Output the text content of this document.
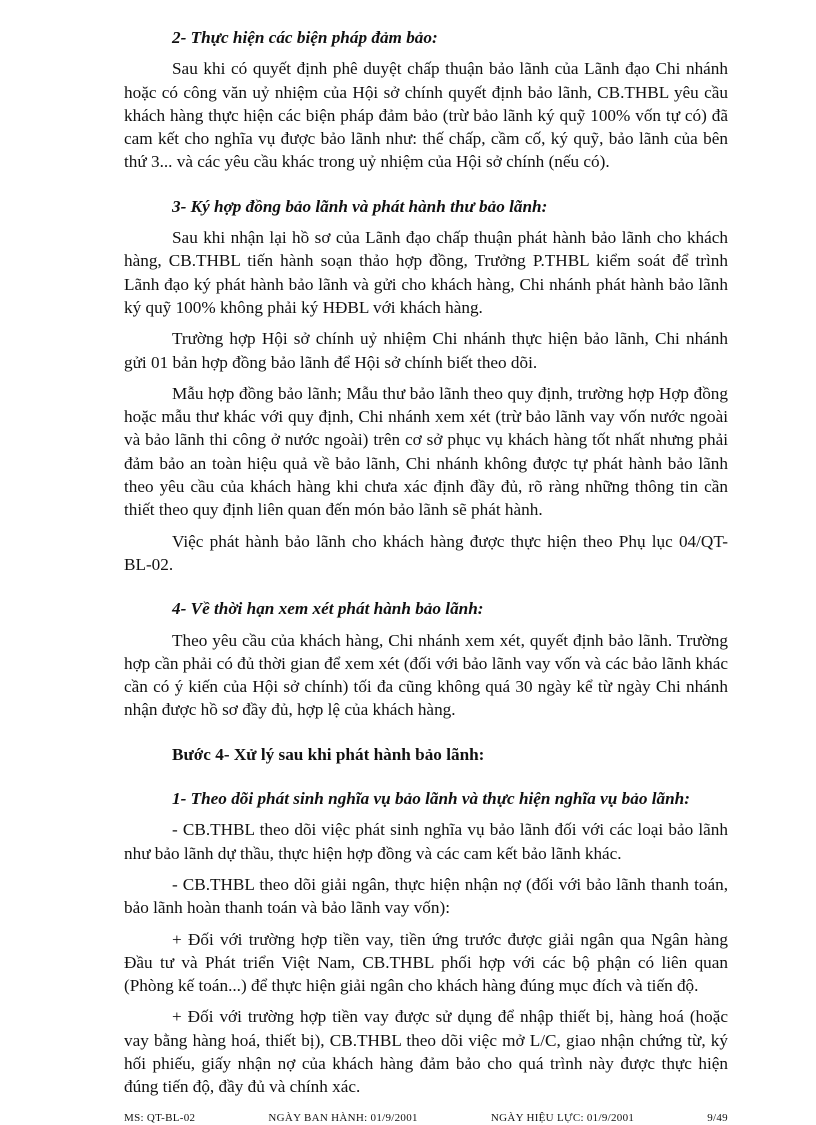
2- Thực hiện các biện pháp đảm bảo:

Sau khi có quyết định phê duyệt chấp thuận bảo lãnh của Lãnh đạo Chi nhánh hoặc có công văn uỷ nhiệm của Hội sở chính quyết định bảo lãnh, CB.THBL yêu cầu khách hàng thực hiện các biện pháp đảm bảo (trừ bảo lãnh ký quỹ 100% vốn tự có) đã cam kết cho nghĩa vụ được bảo lãnh như: thế chấp, cầm cố, ký quỹ, bảo lãnh của bên thứ 3... và các yêu cầu khác trong uỷ nhiệm của Hội sở chính (nếu có).

3- Ký hợp đồng bảo lãnh và phát hành thư bảo lãnh:

Sau khi nhận lại hồ sơ của Lãnh đạo chấp thuận phát hành bảo lãnh cho khách hàng, CB.THBL tiến hành soạn thảo hợp đồng, Trưởng P.THBL kiểm soát để trình Lãnh đạo ký phát hành bảo lãnh và gửi cho khách hàng, Chi nhánh phát hành bảo lãnh ký quỹ 100% không phải ký HĐBL với khách hàng.

Trường hợp Hội sở chính uỷ nhiệm Chi nhánh thực hiện bảo lãnh, Chi nhánh gửi 01 bản hợp đồng bảo lãnh để Hội sở chính biết theo dõi.

Mẫu hợp đồng bảo lãnh; Mẫu thư bảo lãnh theo quy định, trường hợp Hợp đồng hoặc mẫu thư khác với quy định, Chi nhánh xem xét (trừ bảo lãnh vay vốn nước ngoài và bảo lãnh thi công ở nước ngoài) trên cơ sở phục vụ khách hàng tốt nhất nhưng phải đảm bảo an toàn hiệu quả về bảo lãnh, Chi nhánh không được tự phát hành bảo lãnh theo yêu cầu của khách hàng khi chưa xác định đầy đủ, rõ ràng những thông tin cần thiết theo quy định liên quan đến món bảo lãnh sẽ phát hành.

Việc phát hành bảo lãnh cho khách hàng được thực hiện theo Phụ lục 04/QT-BL-02.

4- Về thời hạn xem xét phát hành bảo lãnh:

Theo yêu cầu của khách hàng, Chi nhánh xem xét, quyết định bảo lãnh. Trường hợp cần phải có đủ thời gian để xem xét (đối với bảo lãnh vay vốn và các bảo lãnh khác cần có ý kiến của Hội sở chính) tối đa cũng không quá 30 ngày kể từ ngày Chi nhánh nhận được hồ sơ đầy đủ, hợp lệ của khách hàng.

Bước 4- Xử lý sau khi phát hành bảo lãnh:

1- Theo dõi phát sinh nghĩa vụ bảo lãnh và thực hiện nghĩa vụ bảo lãnh:

- CB.THBL theo dõi việc phát sinh nghĩa vụ bảo lãnh đối với các loại bảo lãnh như bảo lãnh dự thầu, thực hiện hợp đồng và các cam kết bảo lãnh khác.

- CB.THBL theo dõi giải ngân, thực hiện nhận nợ (đối với bảo lãnh thanh toán, bảo lãnh hoàn thanh toán và bảo lãnh vay vốn):

+ Đối với trường hợp tiền vay, tiền ứng trước được giải ngân qua Ngân hàng Đầu tư và Phát triển Việt Nam, CB.THBL phối hợp với các bộ phận có liên quan (Phòng kế toán...) để thực hiện giải ngân cho khách hàng đúng mục đích và tiến độ.

+ Đối với trường hợp tiền vay được sử dụng để nhập thiết bị, hàng hoá (hoặc vay bằng hàng hoá, thiết bị), CB.THBL theo dõi việc mở L/C, giao nhận chứng từ, ký hối phiếu, giấy nhận nợ của khách hàng đảm bảo cho quá trình này được thực hiện đúng tiến độ, đầy đủ và chính xác.

MS: QT-BL-02	NGÀY BAN HÀNH: 01/9/2001	NGÀY HIỆU LỰC: 01/9/2001	9/49
